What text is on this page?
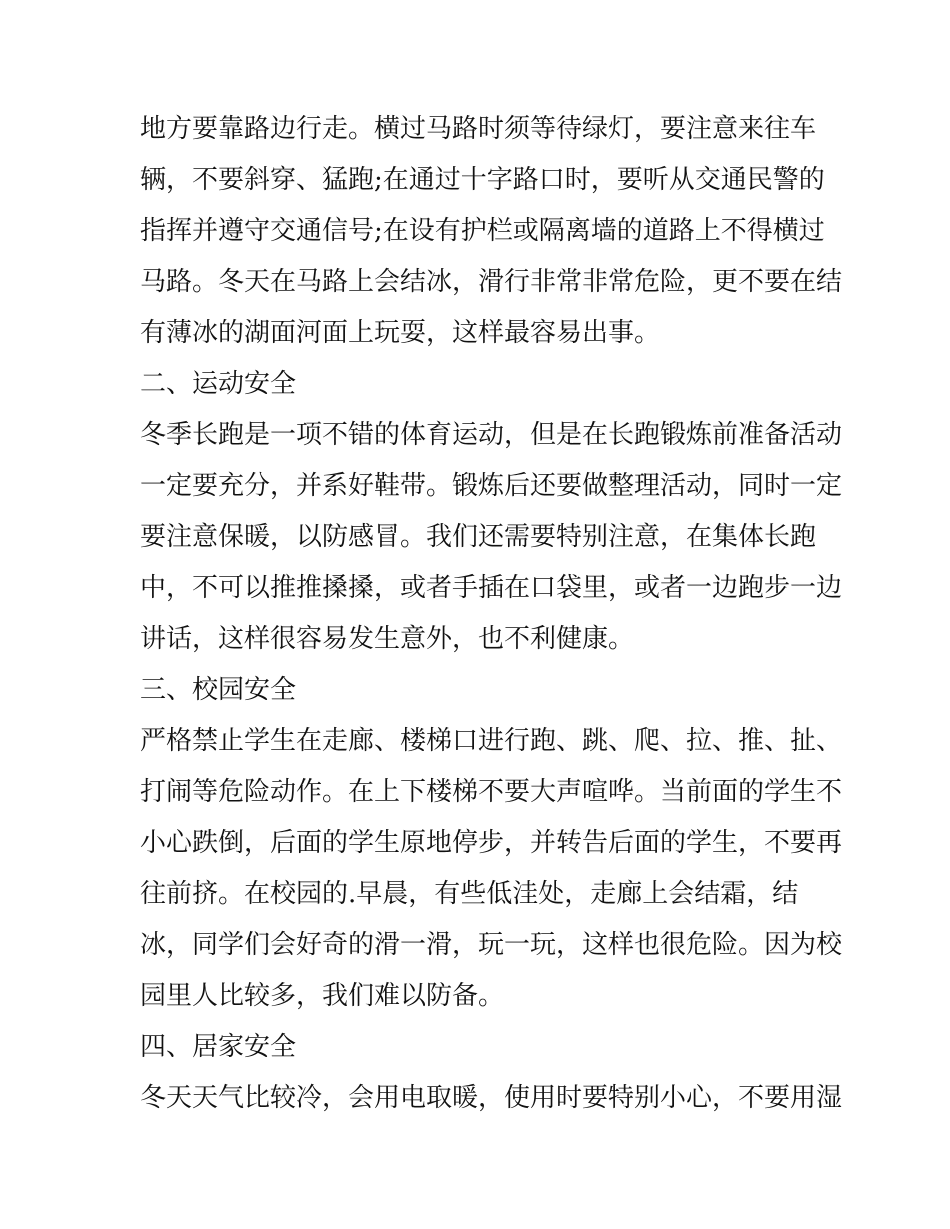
地方要靠路边行走。横过马路时须等待绿灯，要注意来往车
辆，不要斜穿、猛跑;在通过十字路口时，要听从交通民警的
指挥并遵守交通信号;在设有护栏或隔离墙的道路上不得横过
马路。冬天在马路上会结冰，滑行非常非常危险，更不要在结
有薄冰的湖面河面上玩耍，这样最容易出事。
二、运动安全
冬季长跑是一项不错的体育运动，但是在长跑锻炼前准备活动
一定要充分，并系好鞋带。锻炼后还要做整理活动，同时一定
要注意保暖，以防感冒。我们还需要特别注意，在集体长跑
中，不可以推推搡搡，或者手插在口袋里，或者一边跑步一边
讲话，这样很容易发生意外，也不利健康。
三、校园安全
严格禁止学生在走廊、楼梯口进行跑、跳、爬、拉、推、扯、
打闹等危险动作。在上下楼梯不要大声喧哗。当前面的学生不
小心跌倒，后面的学生原地停步，并转告后面的学生，不要再
往前挤。在校园的.早晨，有些低洼处，走廊上会结霜，结
冰，同学们会好奇的滑一滑，玩一玩，这样也很危险。因为校
园里人比较多，我们难以防备。
四、居家安全
冬天天气比较冷，会用电取暖，使用时要特别小心，不要用湿
